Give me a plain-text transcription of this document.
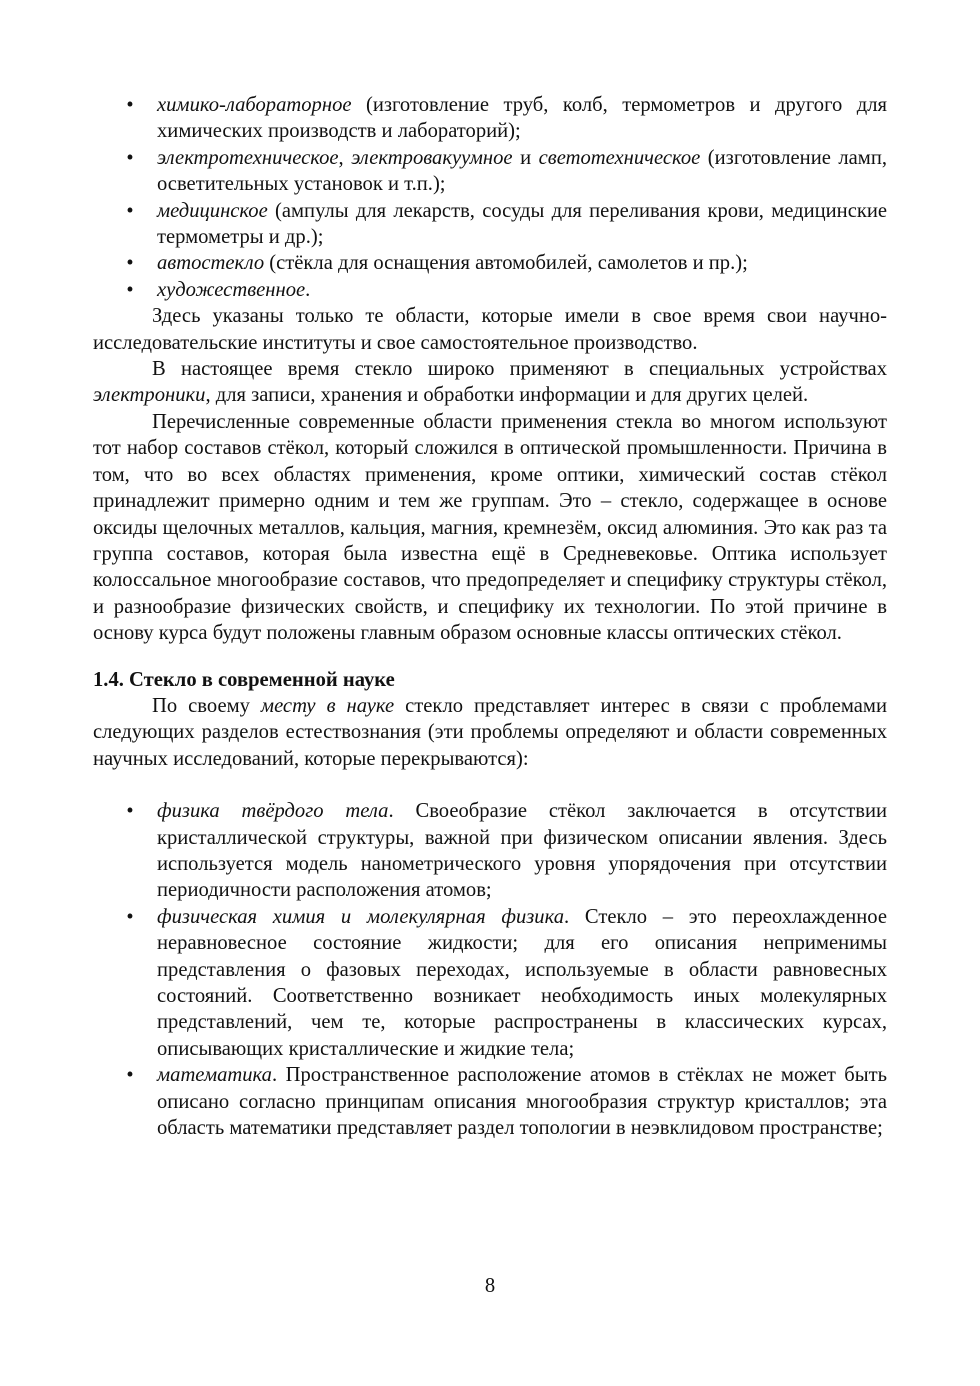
• химико-лабораторное (изготовление труб, колб, термометров и другого для химических производств и лабораторий);
• электротехническое, электровакуумное и светотехническое (изготовление ламп, осветительных установок и т.п.);
• медицинское (ампулы для лекарств, сосуды для переливания крови, медицинские термометры и др.);
• автостекло (стёкла для оснащения автомобилей, самолетов и пр.);
• художественное.

Здесь указаны только те области, которые имели в свое время свои научно-исследовательские институты и свое самостоятельное производство.

В настоящее время стекло широко применяют в специальных устройствах электроники, для записи, хранения и обработки информации и для других целей.

Перечисленные современные области применения стекла во многом используют тот набор составов стёкол, который сложился в оптической промышленности. Причина в том, что во всех областях применения, кроме оптики, химический состав стёкол принадлежит примерно одним и тем же группам. Это – стекло, содержащее в основе оксиды щелочных металлов, кальция, магния, кремнезём, оксид алюминия. Это как раз та группа составов, которая была известна ещё в Средневековье. Оптика использует колоссальное многообразие составов, что предопределяет и специфику структуры стёкол, и разнообразие физических свойств, и специфику их технологии. По этой причине в основу курса будут положены главным образом основные классы оптических стёкол.

1.4. Стекло в современной науке

По своему месту в науке стекло представляет интерес в связи с проблемами следующих разделов естествознания (эти проблемы определяют и области современных научных исследований, которые перекрываются):

• физика твёрдого тела. Своеобразие стёкол заключается в отсутствии кристаллической структуры, важной при физическом описании явления. Здесь используется модель нанометрического уровня упорядочения при отсутствии периодичности расположения атомов;
• физическая химия и молекулярная физика. Стекло – это переохлажденное неравновесное состояние жидкости; для его описания неприменимы представления о фазовых переходах, используемые в области равновесных состояний. Соответственно возникает необходимость иных молекулярных представлений, чем те, которые распространены в классических курсах, описывающих кристаллические и жидкие тела;
• математика. Пространственное расположение атомов в стёклах не может быть описано согласно принципам описания многообразия структур кристаллов; эта область математики представляет раздел топологии в неэвклидовом пространстве;
8
